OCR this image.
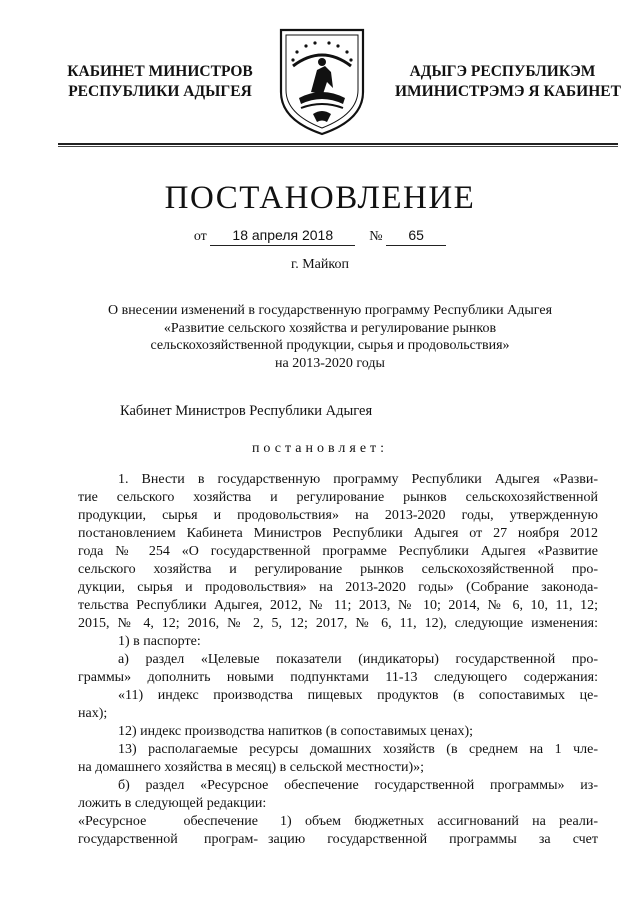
КАБИНЕТ МИНИСТРОВ
РЕСПУБЛИКИ АДЫГЕЯ
АДЫГЭ РЕСПУБЛИКЭМ
ИМИНИСТРЭМЭ Я КАБИНЕТ
ПОСТАНОВЛЕНИЕ
от 18 апреля 2018	№ 65
г. Майкоп
О внесении изменений в государственную программу Республики Адыгея
«Развитие сельского хозяйства и регулирование рынков
сельскохозяйственной продукции, сырья и продовольствия»
на 2013-2020 годы
Кабинет Министров Республики Адыгея
постановляет:
1. Внести в государственную программу Республики Адыгея «Разви-
тие сельского хозяйства и регулирование рынков сельскохозяйственной
продукции, сырья и продовольствия» на 2013-2020 годы, утвержденную
постановлением Кабинета Министров Республики Адыгея от 27 ноября 2012
года № 254 «О государственной программе Республики Адыгея «Развитие
сельского хозяйства и регулирование рынков сельскохозяйственной про-
дукции, сырья и продовольствия» на 2013-2020 годы» (Собрание законода-
тельства Республики Адыгея, 2012, № 11; 2013, № 10; 2014, № 6, 10, 11, 12;
2015, № 4, 12; 2016, № 2, 5, 12; 2017, № 6, 11, 12), следующие изменения:
1) в паспорте:
а) раздел «Целевые показатели (индикаторы) государственной про-
граммы» дополнить новыми подпунктами 11-13 следующего содержания:
«11) индекс производства пищевых продуктов (в сопоставимых це-
нах);
12) индекс производства напитков (в сопоставимых ценах);
13) располагаемые ресурсы домашних хозяйств (в среднем на 1 чле-
на домашнего хозяйства в месяц) в сельской местности)»;
б) раздел «Ресурсное обеспечение государственной программы» из-
ложить в следующей редакции:
«Ресурсное обеспечение
государственной програм-
1) объем бюджетных ассигнований на реали-
зацию государственной программы за счет
